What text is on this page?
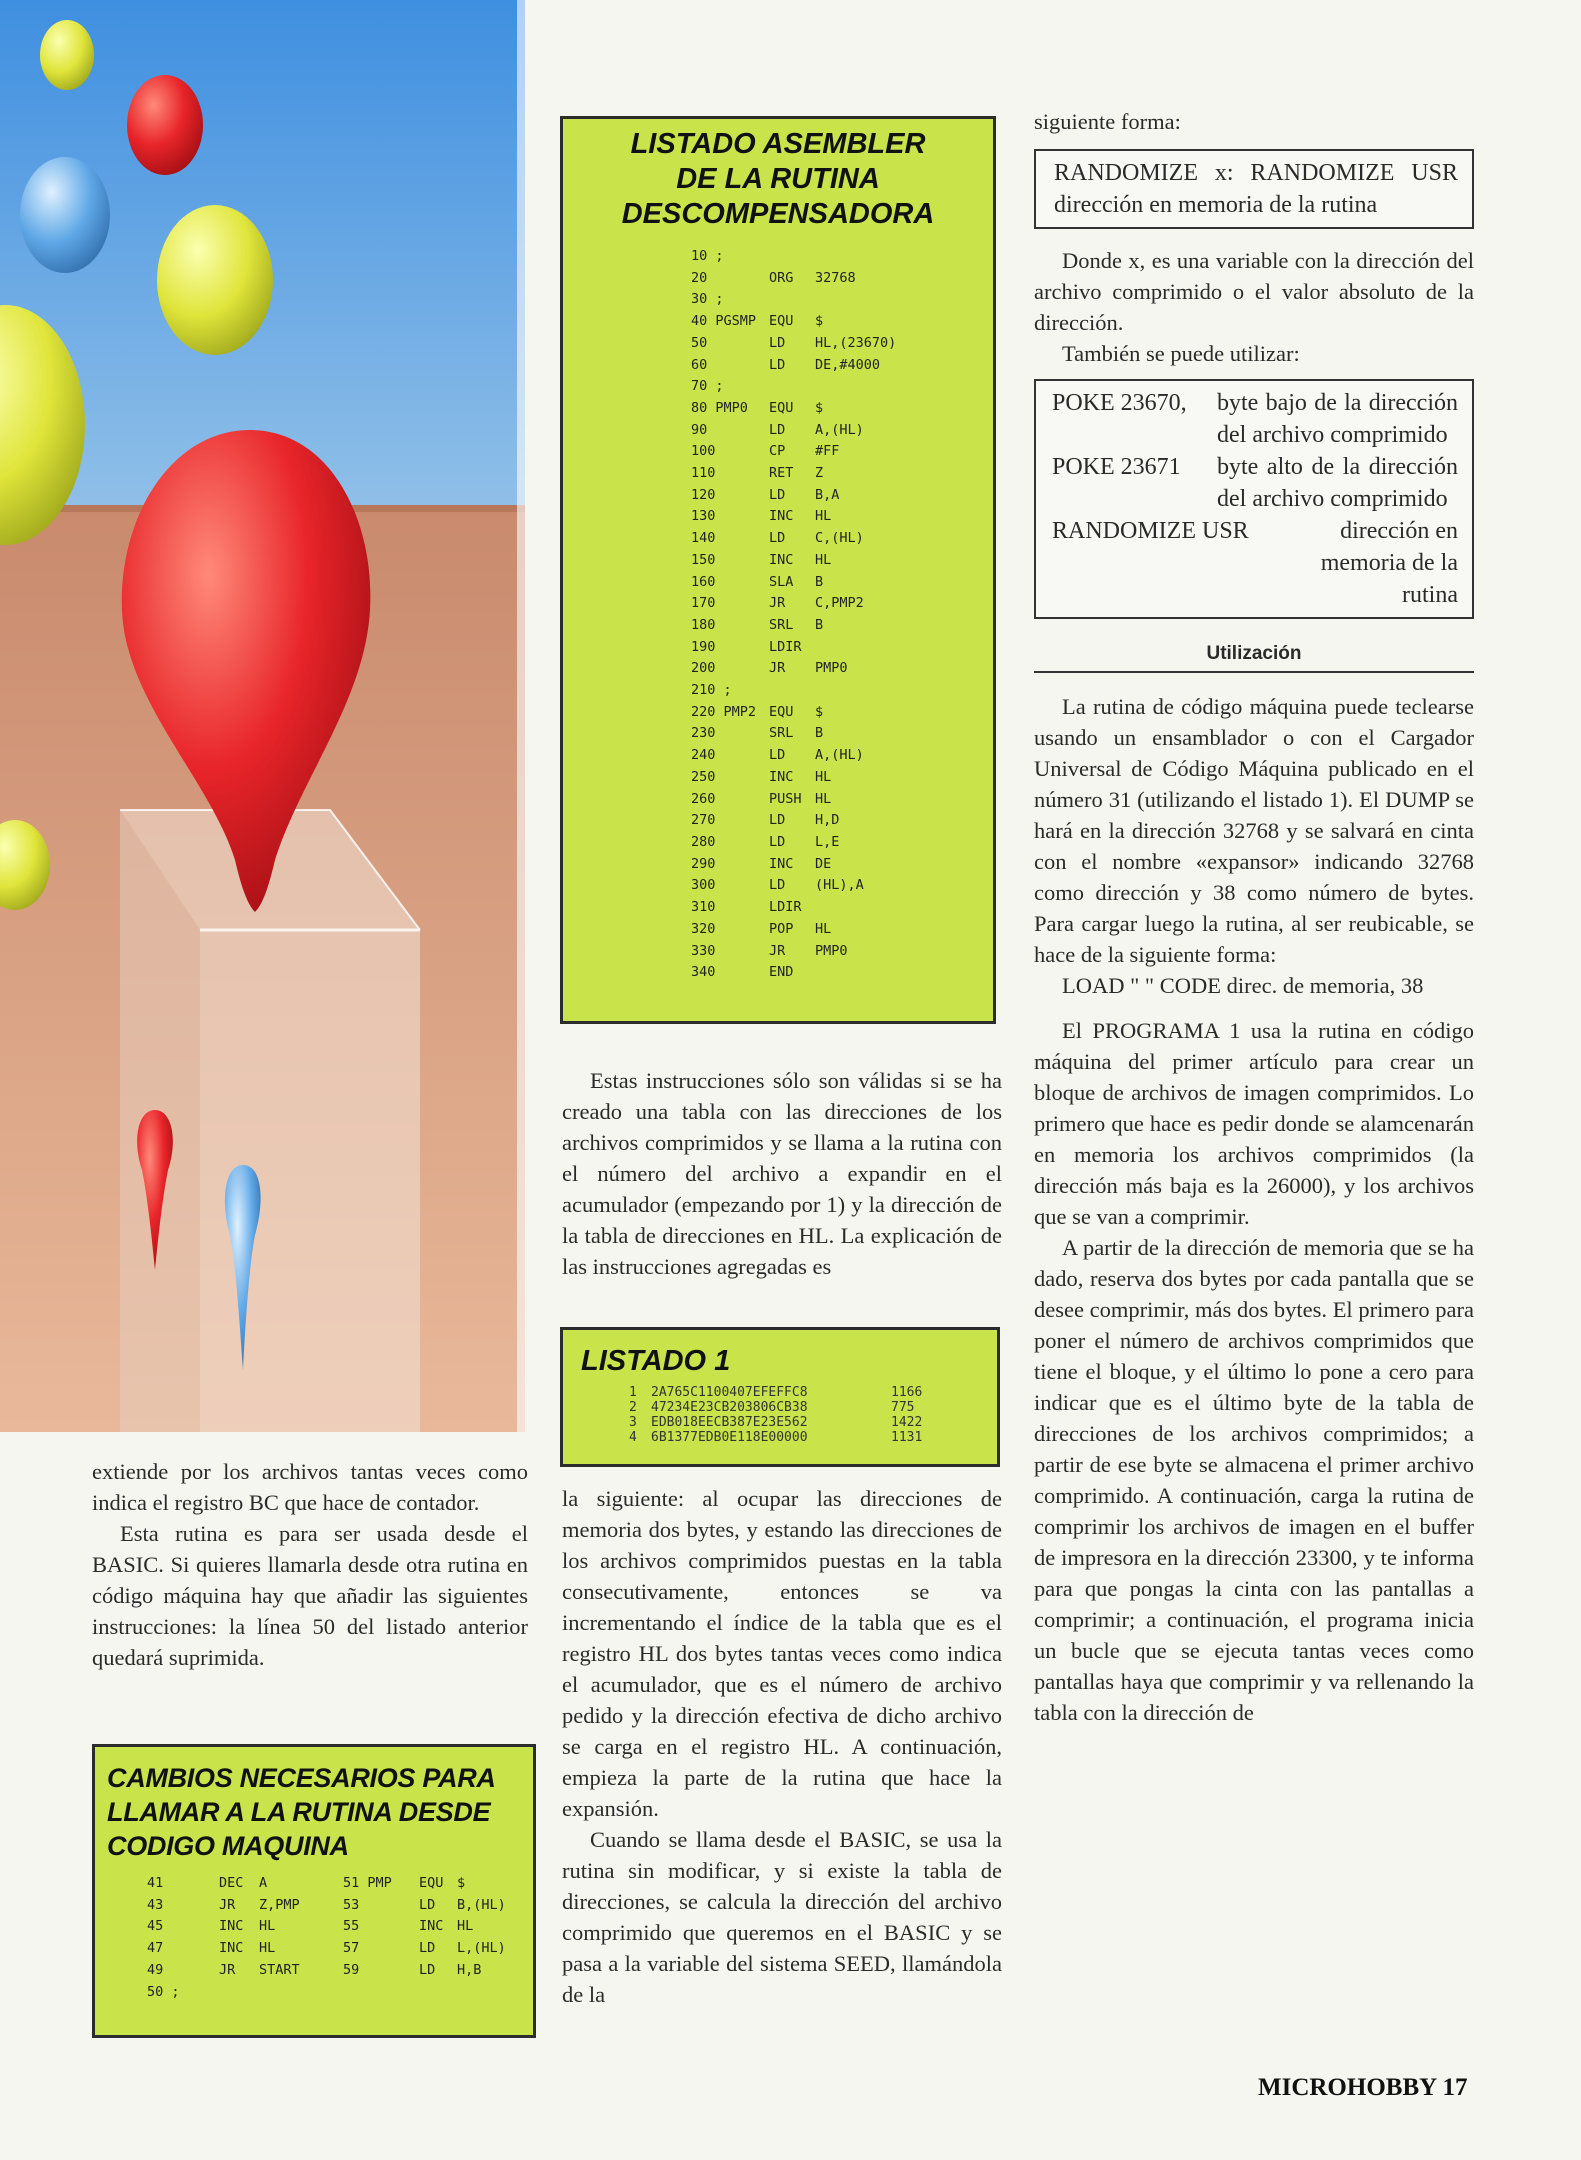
extiende por los archivos tantas veces como indica el registro BC que hace de contador.

Esta rutina es para ser usada desde el BASIC. Si quieres llamarla desde otra rutina en código máquina hay que añadir las siguientes instrucciones: la línea 50 del listado anterior quedará suprimida.

CAMBIOS NECESARIOS PARA
LLAMAR A LA RUTINA DESDE
CODIGO MAQUINA
41	DEC	A
43	JR	Z,PMP
45	INC	HL
47	INC	HL
49	JR	START
50 ;
51 PMP	EQU	$
53	LD	B,(HL)
55	INC	HL
57	LD	L,(HL)
59	LD	H,B
LISTADO ASEMBLER
DE LA RUTINA
DESCOMPENSADORA
10 ;
20	ORG	32768
30 ;
40 PGSMP EQU	$
50	LD	HL,(23670)
60	LD	DE,#4000
70 ;
80 PMP0	EQU	$
90	LD	A,(HL)
100	CP	#FF
110	RET	Z
120	LD	B,A
130	INC	HL
140	LD	C,(HL)
150	INC	HL
160	SLA	B
170	JR	C,PMP2
180	SRL	B
190	LDIR
200	JR	PMP0
210 ;
220 PMP2 EQU	$
230	SRL	B
240	LD	A,(HL)
250	INC	HL
260	PUSH HL
270	LD	H,D
280	LD	L,E
290	INC	DE
300	LD	(HL),A
310	LDIR
320	POP	HL
330	JR	PMP0
340	END

Estas instrucciones sólo son válidas si se ha creado una tabla con las direcciones de los archivos comprimidos y se llama a la rutina con el número del archivo a expandir en el acumulador (empezando por 1) y la dirección de la tabla de direcciones en HL. La explicación de las instrucciones agregadas es

LISTADO 1
1	2A765C1100407EFEFFC8	1166
2	47234E23CB203806CB38	775
3	EDB018EECB387E23E562	1422
4	6B1377EDB0E118E00000	1131

la siguiente: al ocupar las direcciones de memoria dos bytes, y estando las direcciones de los archivos comprimidos puestas en la tabla consecutivamente, entonces se va incrementando el índice de la tabla que es el registro HL dos bytes tantas veces como indica el acumulador, que es el número de archivo pedido y la dirección efectiva de dicho archivo se carga en el registro HL. A continuación, empieza la parte de la rutina que hace la expansión.

Cuando se llama desde el BASIC, se usa la rutina sin modificar, y si existe la tabla de direcciones, se calcula la dirección del archivo comprimido que queremos en el BASIC y se pasa a la variable del sistema SEED, llamándola de la

siguiente forma:

RANDOMIZE x: RANDOMIZE USR dirección en memoria de la rutina

Donde x, es una variable con la dirección del archivo comprimido o el valor absoluto de la dirección.

También se puede utilizar:

POKE 23670,	byte bajo de la dirección del archivo comprimido
POKE 23671	byte alto de la dirección del archivo comprimido
RANDOMIZE USR	dirección en memoria de la rutina
Utilización

La rutina de código máquina puede teclearse usando un ensamblador o con el Cargador Universal de Código Máquina publicado en el número 31 (utilizando el listado 1). El DUMP se hará en la dirección 32768 y se salvará en cinta con el nombre «expansor» indicando 32768 como dirección y 38 como número de bytes. Para cargar luego la rutina, al ser reubicable, se hace de la siguiente forma:

LOAD " " CODE direc. de memoria, 38

El PROGRAMA 1 usa la rutina en código máquina del primer artículo para crear un bloque de archivos de imagen comprimidos. Lo primero que hace es pedir donde se alamcenarán en memoria los archivos comprimidos (la dirección más baja es la 26000), y los archivos que se van a comprimir.

A partir de la dirección de memoria que se ha dado, reserva dos bytes por cada pantalla que se desee comprimir, más dos bytes. El primero para poner el número de archivos comprimidos que tiene el bloque, y el último lo pone a cero para indicar que es el último byte de la tabla de direcciones de los archivos comprimidos; a partir de ese byte se almacena el primer archivo comprimido. A continuación, carga la rutina de comprimir los archivos de imagen en el buffer de impresora en la dirección 23300, y te informa para que pongas la cinta con las pantallas a comprimir; a continuación, el programa inicia un bucle que se ejecuta tantas veces como pantallas haya que comprimir y va rellenando la tabla con la dirección de

MICROHOBBY 17
